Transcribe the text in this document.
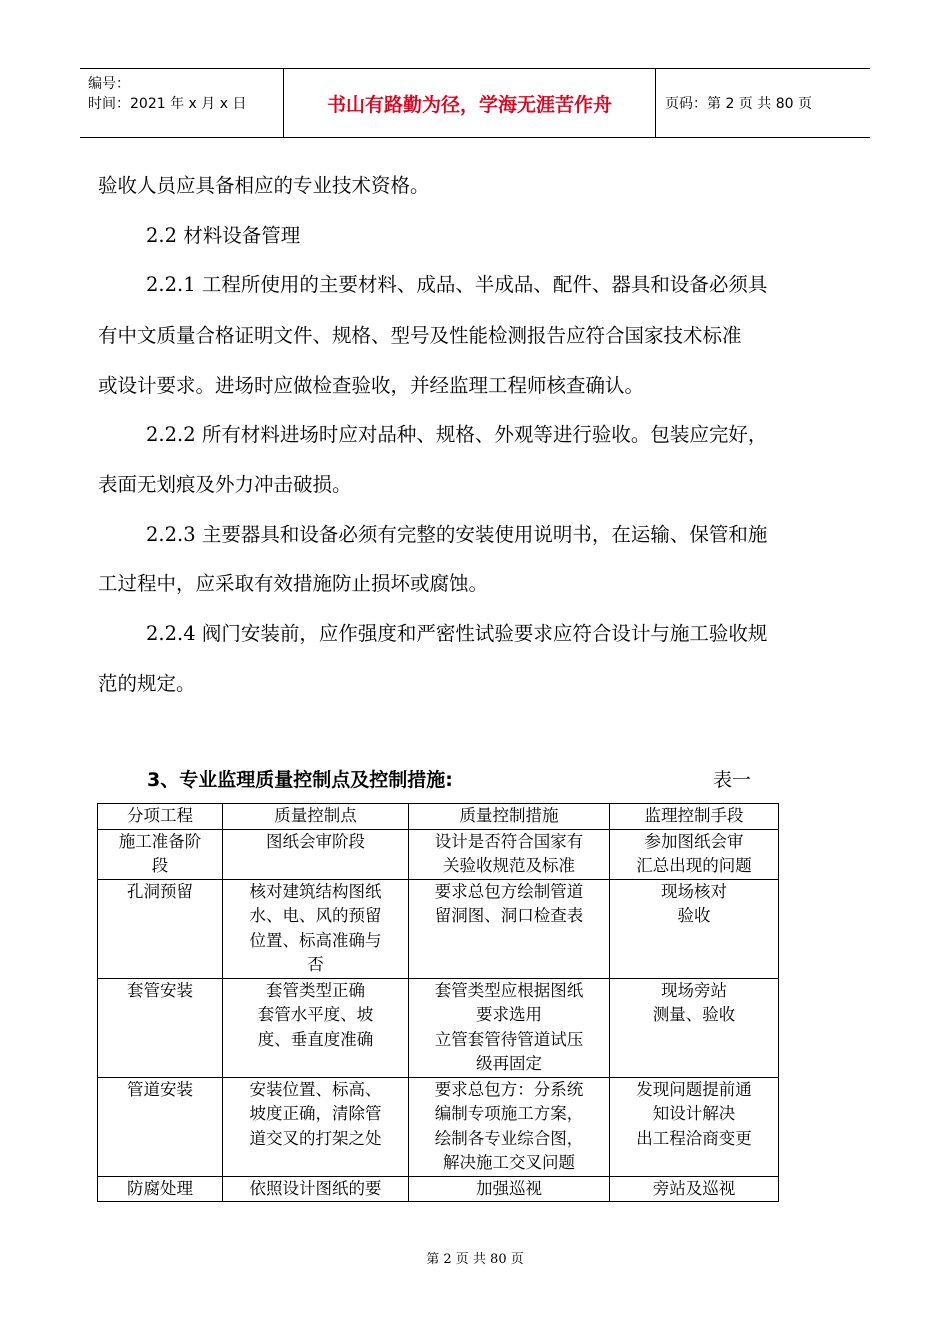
编号：
时间：2021 年 x 月 x 日	书山有路勤为径，学海无涯苦作舟	页码：第 2 页 共 80 页
验收人员应具备相应的专业技术资格。
2.2 材料设备管理
2.2.1 工程所使用的主要材料、成品、半成品、配件、器具和设备必须具
有中文质量合格证明文件、规格、型号及性能检测报告应符合国家技术标准
或设计要求。进场时应做检查验收，并经监理工程师核查确认。
2.2.2 所有材料进场时应对品种、规格、外观等进行验收。包装应完好，
表面无划痕及外力冲击破损。
2.2.3 主要器具和设备必须有完整的安装使用说明书，在运输、保管和施
工过程中，应采取有效措施防止损坏或腐蚀。
2.2.4 阀门安装前，应作强度和严密性试验要求应符合设计与施工验收规
范的规定。
3、专业监理质量控制点及控制措施:	表一
分项工程	质量控制点	质量控制措施	监理控制手段

施工准备阶
段	图纸会审阶段	设计是否符合国家有
关验收规范及标准	参加图纸会审
汇总出现的问题

孔洞预留	核对建筑结构图纸
水、电、风的预留
位置、标高准确与
否	要求总包方绘制管道
留洞图、洞口检查表	现场核对
验收

套管安装	套管类型正确
套管水平度、坡
度、垂直度准确	套管类型应根据图纸
要求选用
立管套管待管道试压
级再固定	现场旁站
测量、验收

管道安装	安装位置、标高、
坡度正确，清除管
道交叉的打架之处	要求总包方：分系统
编制专项施工方案，
绘制各专业综合图，
解决施工交叉问题	发现问题提前通
知设计解决
出工程洽商变更

防腐处理	依照设计图纸的要	加强巡视	旁站及巡视
第 2 页 共 80 页
